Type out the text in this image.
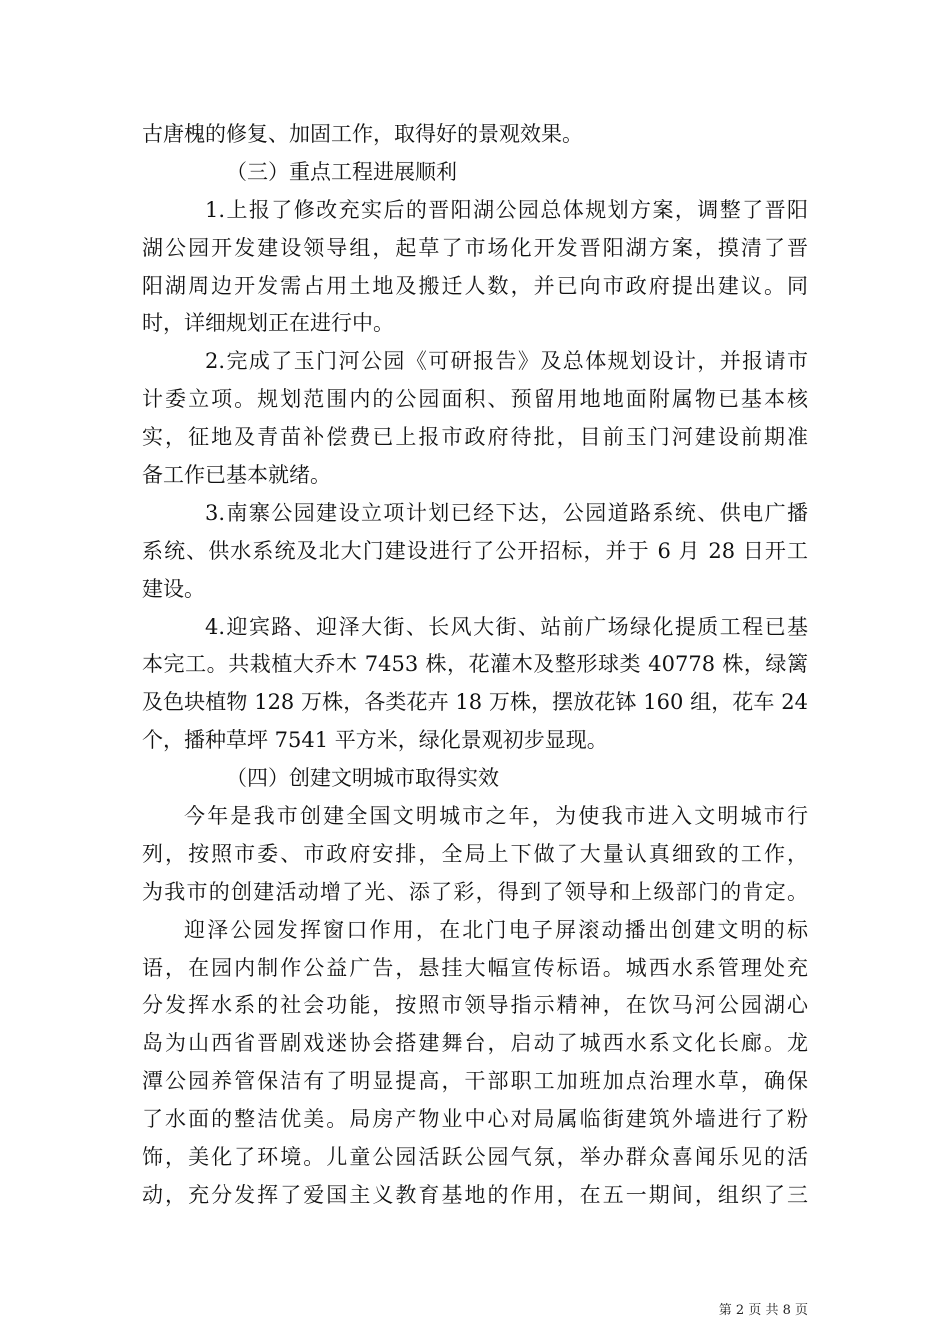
古唐槐的修复、加固工作，取得好的景观效果。
（三）重点工程进展顺利
1.上报了修改充实后的晋阳湖公园总体规划方案，调整了晋阳
湖公园开发建设领导组，起草了市场化开发晋阳湖方案，摸清了晋
阳湖周边开发需占用土地及搬迁人数，并已向市政府提出建议。同
时，详细规划正在进行中。
2.完成了玉门河公园《可研报告》及总体规划设计，并报请市
计委立项。规划范围内的公园面积、预留用地地面附属物已基本核
实，征地及青苗补偿费已上报市政府待批，目前玉门河建设前期准
备工作已基本就绪。
3.南寨公园建设立项计划已经下达，公园道路系统、供电广播
系统、供水系统及北大门建设进行了公开招标，并于 6 月 28 日开工
建设。
4.迎宾路、迎泽大街、长风大街、站前广场绿化提质工程已基
本完工。共栽植大乔木 7453 株，花灌木及整形球类 40778 株，绿篱
及色块植物 128 万株，各类花卉 18 万株，摆放花钵 160 组，花车 24
个，播种草坪 7541 平方米，绿化景观初步显现。
（四）创建文明城市取得实效
今年是我市创建全国文明城市之年，为使我市进入文明城市行
列，按照市委、市政府安排，全局上下做了大量认真细致的工作，
为我市的创建活动增了光、添了彩，得到了领导和上级部门的肯定。
迎泽公园发挥窗口作用，在北门电子屏滚动播出创建文明的标
语，在园内制作公益广告，悬挂大幅宣传标语。城西水系管理处充
分发挥水系的社会功能，按照市领导指示精神，在饮马河公园湖心
岛为山西省晋剧戏迷协会搭建舞台，启动了城西水系文化长廊。龙
潭公园养管保洁有了明显提高，干部职工加班加点治理水草，确保
了水面的整洁优美。局房产物业中心对局属临街建筑外墙进行了粉
饰，美化了环境。儿童公园活跃公园气氛，举办群众喜闻乐见的活
动，充分发挥了爱国主义教育基地的作用，在五一期间，组织了三
第 2 页 共 8 页
